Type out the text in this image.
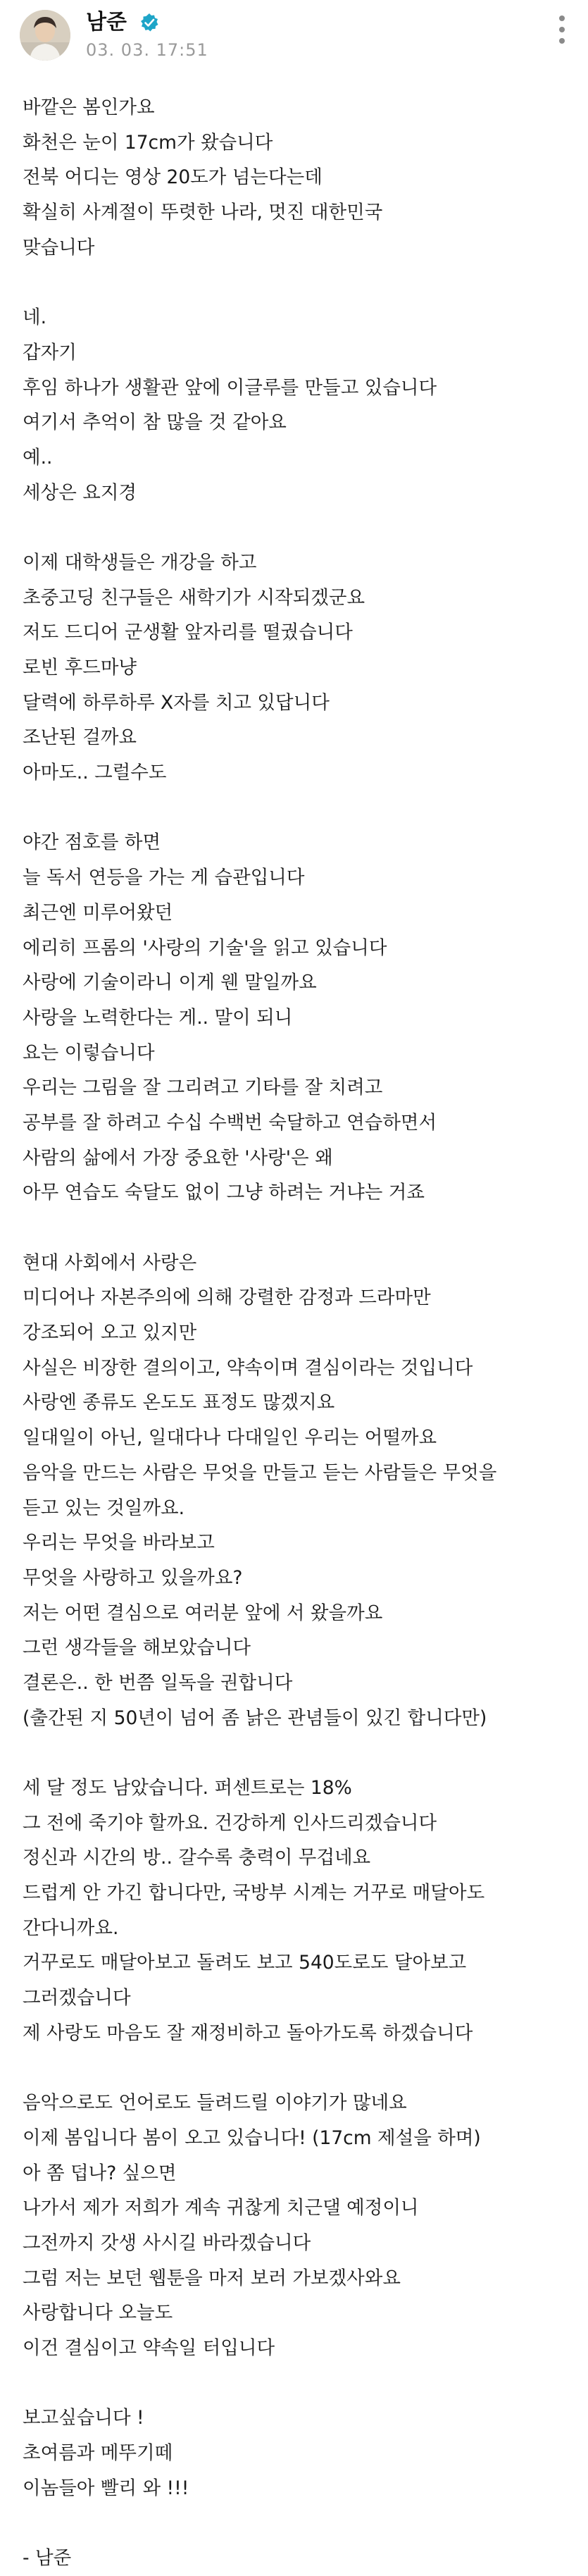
남준
03. 03. 17:51
바깥은 봄인가요
화천은 눈이 17cm가 왔습니다
전북 어디는 영상 20도가 넘는다는데
확실히 사계절이 뚜렷한 나라, 멋진 대한민국
맞습니다
네.
갑자기
후임 하나가 생활관 앞에 이글루를 만들고 있습니다
여기서 추억이 참 많을 것 같아요
예..
세상은 요지경
이제 대학생들은 개강을 하고
초중고딩 친구들은 새학기가 시작되겠군요
저도 드디어 군생활 앞자리를 떨궜습니다
로빈 후드마냥
달력에 하루하루 X자를 치고 있답니다
조난된 걸까요
아마도.. 그럴수도
야간 점호를 하면
늘 독서 연등을 가는 게 습관입니다
최근엔 미루어왔던
에리히 프롬의 '사랑의 기술'을 읽고 있습니다
사랑에 기술이라니 이게 웬 말일까요
사랑을 노력한다는 게.. 말이 되니
요는 이렇습니다
우리는 그림을 잘 그리려고 기타를 잘 치려고
공부를 잘 하려고 수십 수백번 숙달하고 연습하면서
사람의 삶에서 가장 중요한 '사랑'은 왜
아무 연습도 숙달도 없이 그냥 하려는 거냐는 거죠
현대 사회에서 사랑은
미디어나 자본주의에 의해 강렬한 감정과 드라마만
강조되어 오고 있지만
사실은 비장한 결의이고, 약속이며 결심이라는 것입니다
사랑엔 종류도 온도도 표정도 많겠지요
일대일이 아닌, 일대다나 다대일인 우리는 어떨까요
음악을 만드는 사람은 무엇을 만들고 듣는 사람들은 무엇을
듣고 있는 것일까요.
우리는 무엇을 바라보고
무엇을 사랑하고 있을까요?
저는 어떤 결심으로 여러분 앞에 서 왔을까요
그런 생각들을 해보았습니다
결론은.. 한 번쯤 일독을 권합니다
(출간된 지 50년이 넘어 좀 낡은 관념들이 있긴 합니다만)
세 달 정도 남았습니다. 퍼센트로는 18%
그 전에 죽기야 할까요. 건강하게 인사드리겠습니다
정신과 시간의 방.. 갈수록 충력이 무겁네요
드럽게 안 가긴 합니다만, 국방부 시계는 거꾸로 매달아도
간다니까요.
거꾸로도 매달아보고 돌려도 보고 540도로도 달아보고
그러겠습니다
제 사랑도 마음도 잘 재정비하고 돌아가도록 하겠습니다
음악으로도 언어로도 들려드릴 이야기가 많네요
이제 봄입니다 봄이 오고 있습니다! (17cm 제설을 하며)
아 쫌 덥나? 싶으면
나가서 제가 저희가 계속 귀찮게 치근댈 예정이니
그전까지 갓생 사시길 바라겠습니다
그럼 저는 보던 웹툰을 마저 보러 가보겠사와요
사랑합니다 오늘도
이건 결심이고 약속일 터입니다
보고싶습니다 !
초여름과 메뚜기떼
이놈들아 빨리 와 !!!
- 남준
